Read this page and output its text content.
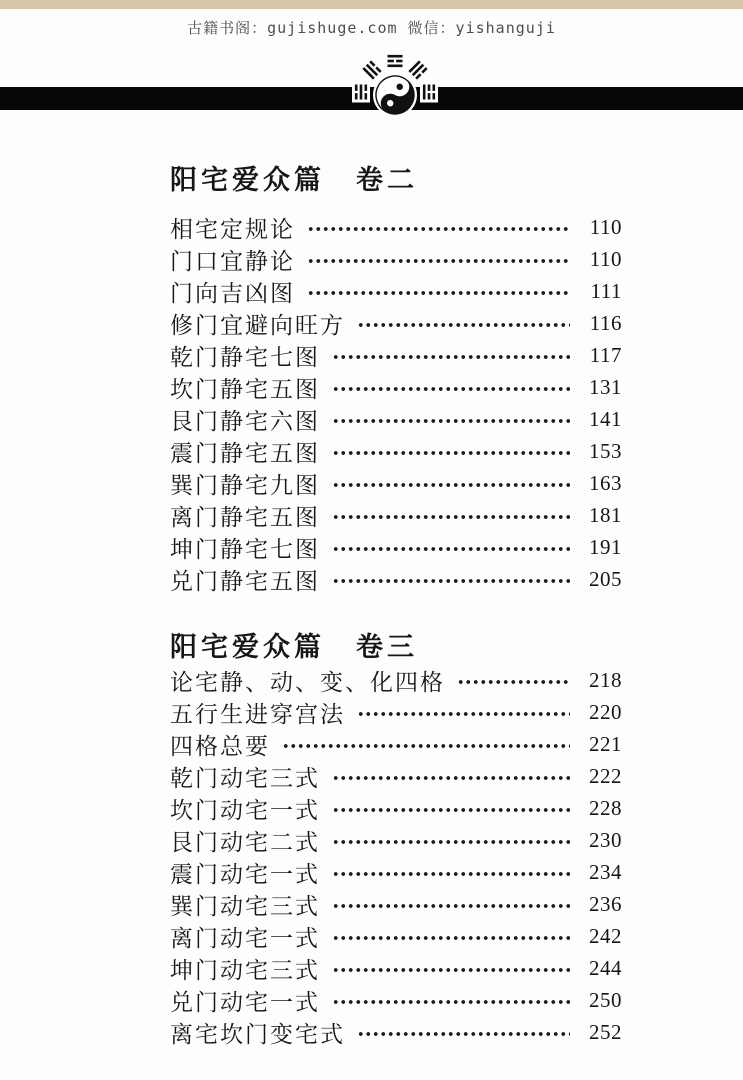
古籍书阁：gujishuge.com 微信：yishanguji
阳宅爱众篇　卷二
相宅定规论	110
门口宜静论	110
门向吉凶图	111
修门宜避向旺方	116
乾门静宅七图	117
坎门静宅五图	131
艮门静宅六图	141
震门静宅五图	153
巽门静宅九图	163
离门静宅五图	181
坤门静宅七图	191
兑门静宅五图	205
阳宅爱众篇　卷三
论宅静、动、变、化四格	218
五行生进穿宫法	220
四格总要	221
乾门动宅三式	222
坎门动宅一式	228
艮门动宅二式	230
震门动宅一式	234
巽门动宅三式	236
离门动宅一式	242
坤门动宅三式	244
兑门动宅一式	250
离宅坎门变宅式	252
